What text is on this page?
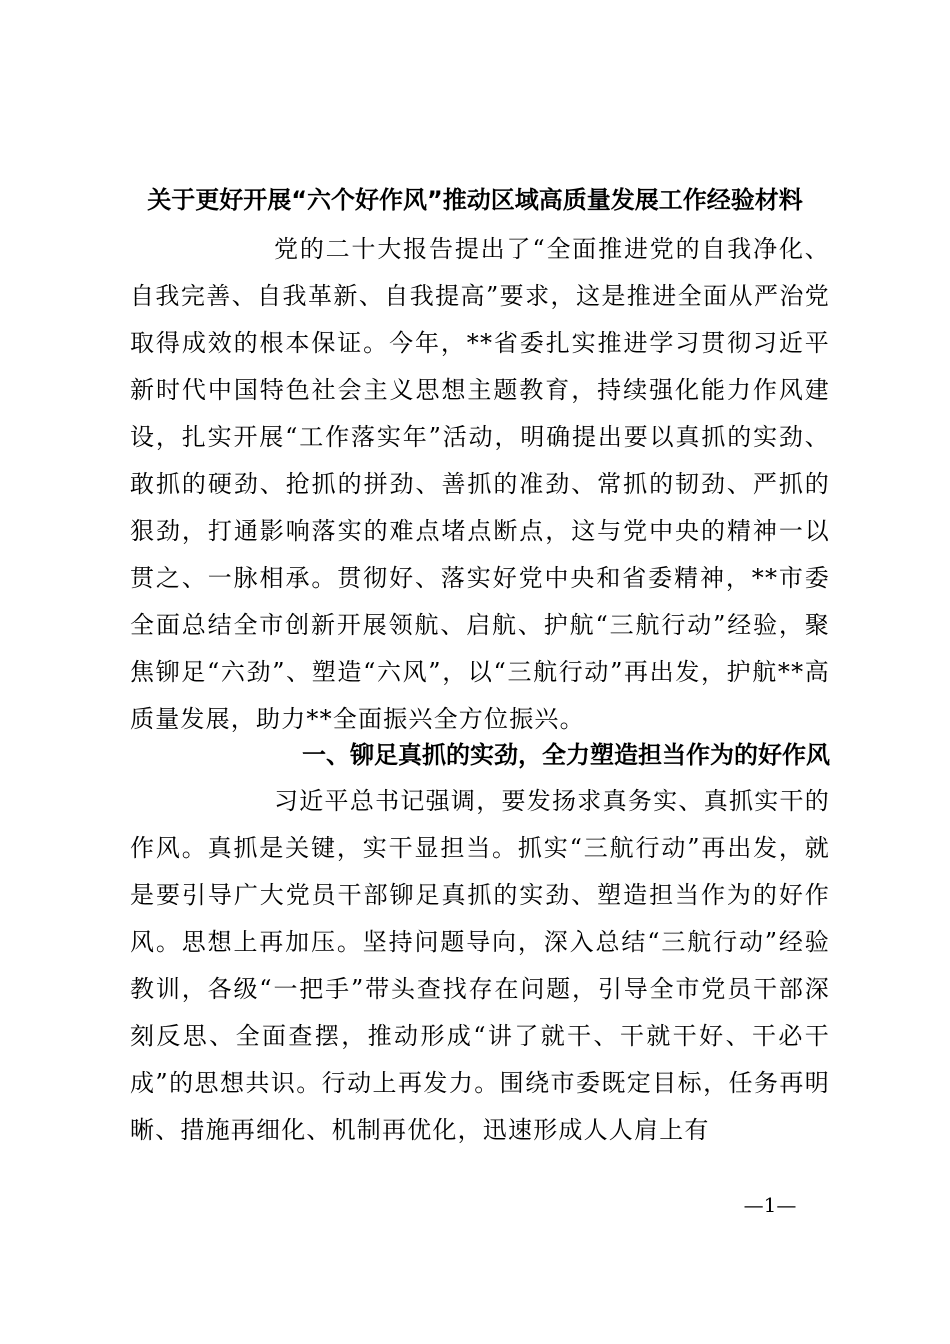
关于更好开展“六个好作风”推动区域高质量发展工作经验材料
党的二十大报告提出了“全面推进党的自我净化、自我完善、自我革新、自我提高”要求，这是推进全面从严治党取得成效的根本保证。今年，**省委扎实推进学习贯彻习近平新时代中国特色社会主义思想主题教育，持续强化能力作风建设，扎实开展“工作落实年”活动，明确提出要以真抓的实劲、敢抓的硬劲、抢抓的拼劲、善抓的准劲、常抓的韧劲、严抓的狠劲，打通影响落实的难点堵点断点，这与党中央的精神一以贯之、一脉相承。贯彻好、落实好党中央和省委精神，**市委全面总结全市创新开展领航、启航、护航“三航行动”经验，聚焦铆足“六劲”、塑造“六风”，以“三航行动”再出发，护航**高质量发展，助力**全面振兴全方位振兴。
一、铆足真抓的实劲，全力塑造担当作为的好作风
习近平总书记强调，要发扬求真务实、真抓实干的作风。真抓是关键，实干显担当。抓实“三航行动”再出发，就是要引导广大党员干部铆足真抓的实劲、塑造担当作为的好作风。思想上再加压。坚持问题导向，深入总结“三航行动”经验教训，各级“一把手”带头查找存在问题，引导全市党员干部深刻反思、全面查摆，推动形成“讲了就干、干就干好、干必干成”的思想共识。行动上再发力。围绕市委既定目标，任务再明晰、措施再细化、机制再优化，迅速形成人人肩上有
—1—
